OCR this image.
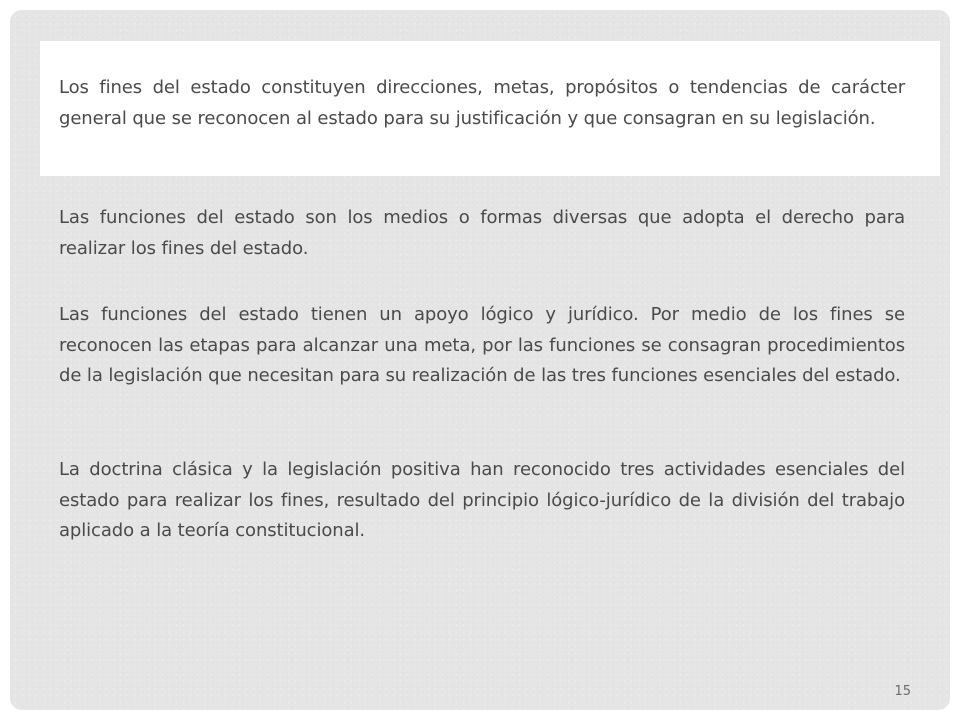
Los fines del estado constituyen direcciones, metas, propósitos o tendencias de carácter general que se reconocen al estado para su justificación y que consagran en su legislación.

Las funciones del estado son los medios o formas diversas que adopta el derecho para realizar los fines del estado.

Las funciones del estado tienen un apoyo lógico y jurídico. Por medio de los fines se reconocen las etapas para alcanzar una meta, por las funciones se consagran procedimientos de la legislación que necesitan para su realización de las tres funciones esenciales del estado.

La doctrina clásica y la legislación positiva han reconocido tres actividades esenciales del estado para realizar los fines, resultado del principio lógico-jurídico de la división del trabajo aplicado a la teoría constitucional.

15
